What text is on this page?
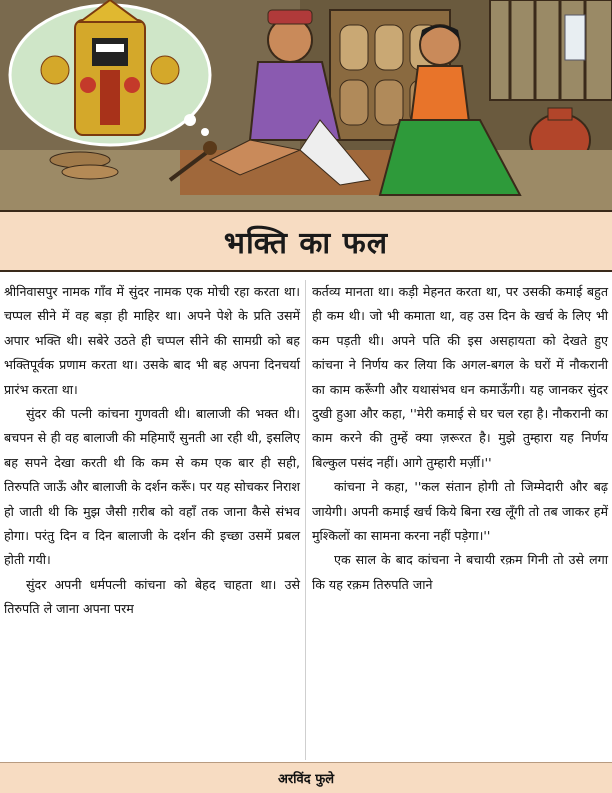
भक्ति का फल

श्रीनिवासपुर नामक गाँव में सुंदर नामक एक मोची रहा करता था। चप्पल सीने में वह बड़ा ही माहिर था। अपने पेशे के प्रति उसमें अपार भक्ति थी। सबेरे उठते ही चप्पल सीने की सामग्री को बह भक्तिपूर्वक प्रणाम करता था। उसके बाद भी बह अपना दिनचर्या प्रारंभ करता था।

सुंदर की पत्नी कांचना गुणवती थी। बालाजी की भक्त थी। बचपन से ही वह बालाजी की महिमाएँ सुनती आ रही थी, इसलिए बह सपने देखा करती थी कि कम से कम एक बार ही सही, तिरुपति जाऊँ और बालाजी के दर्शन करूँ। पर यह सोचकर निराश हो जाती थी कि मुझ जैसी ग़रीब को वहाँ तक जाना कैसे संभव होगा। परंतु दिन व दिन बालाजी के दर्शन की इच्छा उसमें प्रबल होती गयी।

सुंदर अपनी धर्मपत्नी कांचना को बेहद चाहता था। उसे तिरुपति ले जाना अपना परम

कर्तव्य मानता था। कड़ी मेहनत करता था, पर उसकी कमाई बहुत ही कम थी। जो भी कमाता था, वह उस दिन के खर्च के लिए भी कम पड़ती थी। अपने पति की इस असहायता को देखते हुए कांचना ने निर्णय कर लिया कि अगल-बगल के घरों में नौकरानी का काम करूँगी और यथासंभव धन कमाऊँगी। यह जानकर सुंदर दुखी हुआ और कहा, ''मेरी कमाई से घर चल रहा है। नौकरानी का काम करने की तुम्हें क्या ज़रूरत है। मुझे तुम्हारा यह निर्णय बिल्कुल पसंद नहीं। आगे तुम्हारी मर्ज़ी।''

कांचना ने कहा, ''कल संतान होगी तो जिम्मेदारी और बढ़ जायेगी। अपनी कमाई खर्च किये बिना रख लूँगी तो तब जाकर हमें मुश्किलों का सामना करना नहीं पड़ेगा।''

एक साल के बाद कांचना ने बचायी रक़म गिनी तो उसे लगा कि यह रक़म तिरुपति जाने

अरविंद फुले
